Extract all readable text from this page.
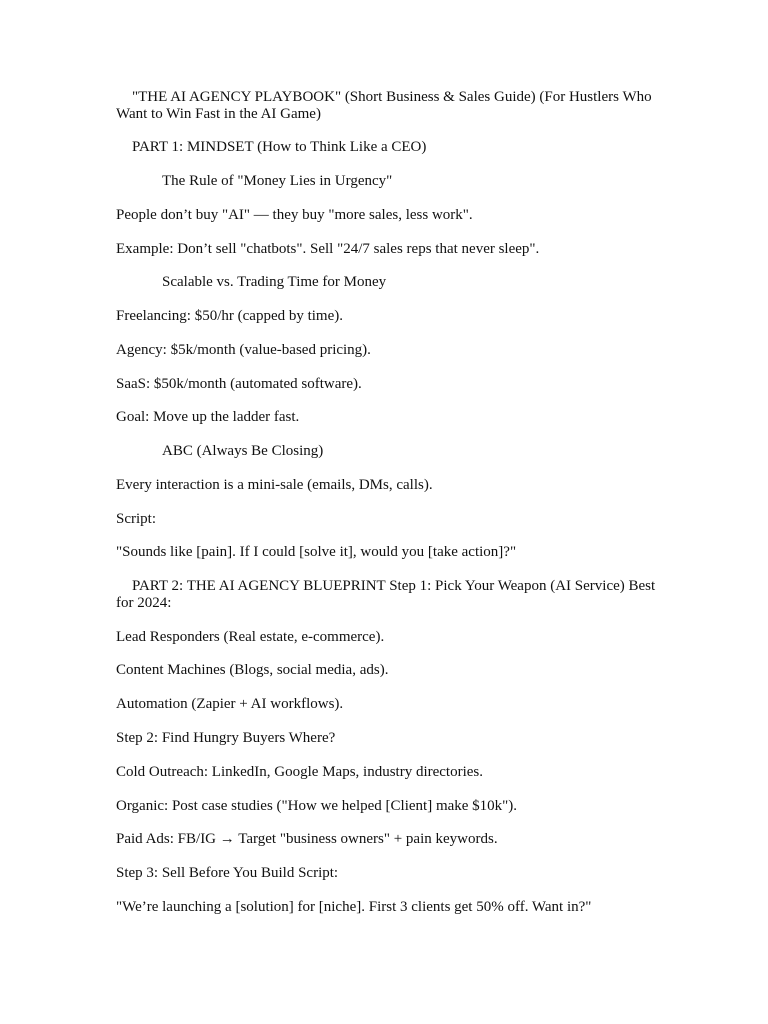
"THE AI AGENCY PLAYBOOK" (Short Business & Sales Guide) (For Hustlers Who Want to Win Fast in the AI Game)

PART 1: MINDSET (How to Think Like a CEO)

The Rule of "Money Lies in Urgency"

People don’t buy "AI" — they buy "more sales, less work".

Example: Don’t sell "chatbots". Sell "24/7 sales reps that never sleep".

Scalable vs. Trading Time for Money

Freelancing: $50/hr (capped by time).

Agency: $5k/month (value-based pricing).

SaaS: $50k/month (automated software).

Goal: Move up the ladder fast.

ABC (Always Be Closing)

Every interaction is a mini-sale (emails, DMs, calls).

Script:

"Sounds like [pain]. If I could [solve it], would you [take action]?"

PART 2: THE AI AGENCY BLUEPRINT Step 1: Pick Your Weapon (AI Service) Best for 2024:

Lead Responders (Real estate, e-commerce).

Content Machines (Blogs, social media, ads).

Automation (Zapier + AI workflows).

Step 2: Find Hungry Buyers Where?

Cold Outreach: LinkedIn, Google Maps, industry directories.

Organic: Post case studies ("How we helped [Client] make $10k").

Paid Ads: FB/IG → Target "business owners" + pain keywords.

Step 3: Sell Before You Build Script:

"We’re launching a [solution] for [niche]. First 3 clients get 50% off. Want in?"
